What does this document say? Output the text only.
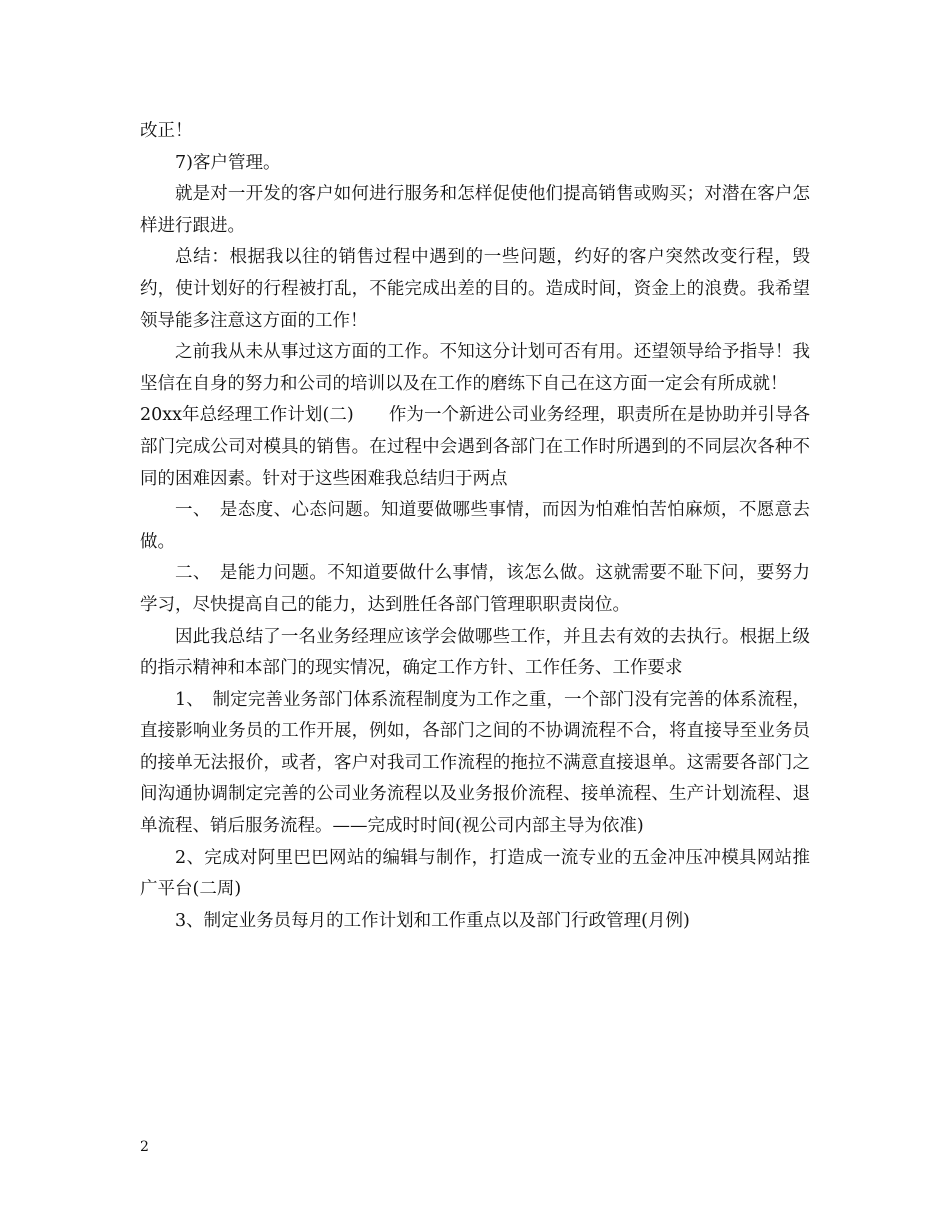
改正！

7)客户管理。

就是对一开发的客户如何进行服务和怎样促使他们提高销售或购买；对潜在客户怎样进行跟进。

总结：根据我以往的销售过程中遇到的一些问题，约好的客户突然改变行程，毁约，使计划好的行程被打乱，不能完成出差的目的。造成时间，资金上的浪费。我希望领导能多注意这方面的工作！

之前我从未从事过这方面的工作。不知这分计划可否有用。还望领导给予指导！我坚信在自身的努力和公司的培训以及在工作的磨练下自己在这方面一定会有所成就！

20xx年总经理工作计划(二)　　作为一个新进公司业务经理，职责所在是协助并引导各部门完成公司对模具的销售。在过程中会遇到各部门在工作时所遇到的不同层次各种不同的困难因素。针对于这些困难我总结归于两点

一、　是态度、心态问题。知道要做哪些事情，而因为怕难怕苦怕麻烦，不愿意去做。

二、　是能力问题。不知道要做什么事情，该怎么做。这就需要不耻下问，要努力学习，尽快提高自己的能力，达到胜任各部门管理职职责岗位。

因此我总结了一名业务经理应该学会做哪些工作，并且去有效的去执行。根据上级的指示精神和本部门的现实情况，确定工作方针、工作任务、工作要求

1、　制定完善业务部门体系流程制度为工作之重，一个部门没有完善的体系流程，直接影响业务员的工作开展，例如，各部门之间的不协调流程不合，将直接导至业务员的接单无法报价，或者，客户对我司工作流程的拖拉不满意直接退单。这需要各部门之间沟通协调制定完善的公司业务流程以及业务报价流程、接单流程、生产计划流程、退单流程、销后服务流程。——完成时时间(视公司内部主导为依准)

2、完成对阿里巴巴网站的编辑与制作，打造成一流专业的五金冲压冲模具网站推广平台(二周)

3、制定业务员每月的工作计划和工作重点以及部门行政管理(月例)

2
